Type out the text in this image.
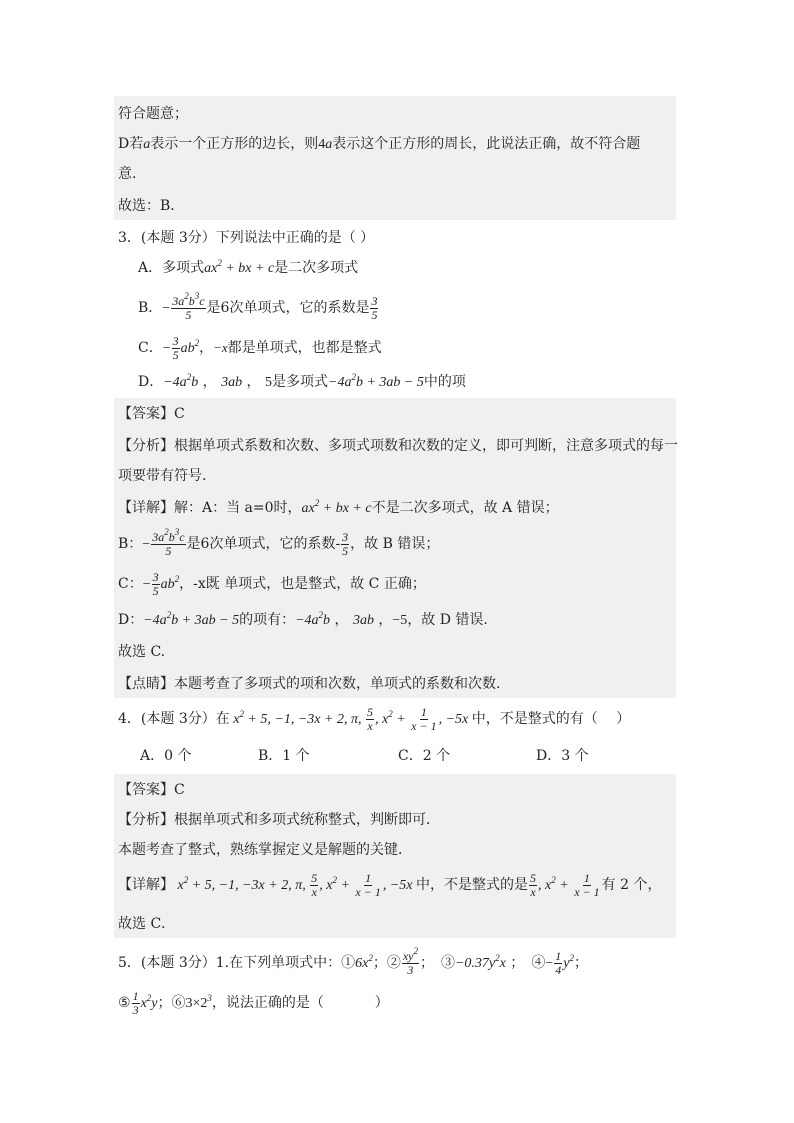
符合题意；
D若a表示一个正方形的边长，则4a表示这个正方形的周长，此说法正确，故不符合题
意．
故选：B．
3．(本题 3分）下列说法中正确的是（ ）
A．多项式$ax^2$ + bx + c是二次多项式
B．− $\frac{3a^2b^3c}{5}$ 是6次单项式，它的系数是 $\frac{3}{5}$
C．− $\frac{3}{5} ab^2$，−x都是单项式，也都是整式
D．$-4a^2b$ ， 3ab ， 5是多项式$-4a^2b + 3ab - 5$中的项
【答案】C
【分析】根据单项式系数和次数、多项式项数和次数的定义，即可判断，注意多项式的每一
项要带有符号.
【详解】解：A：当 a=0时，$ax^2$ + bx + c不是二次多项式，故 A 错误；
B：− $\frac{3a^2b^3c}{5}$ 是6次单项式，它的系数- $\frac{3}{5}$ ，故 B 错误；
C：− $\frac{3}{5} ab^2$，-x既 单项式，也是整式，故 C 正确；
D：$-4a^2b + 3ab - 5$的项有：$-4a^2b$ ， 3ab ，−5，故 D 错误.
故选 C.
【点睛】本题考查了多项式的项和次数，单项式的系数和次数.
4．(本题 3分）在 $x^2 + 5$, −1, −3x + 2, π, $\frac{5}{x}$ , $x^2 + \frac{1}{x - 1}$ , −5x 中，不是整式的有（　 ）
A．0 个	B．1 个	C．2 个	D．3 个
【答案】C
【分析】根据单项式和多项式统称整式，判断即可．
本题考查了整式，熟练掌握定义是解题的关键．
【详解】 $x^2 + 5$, −1, −3x + 2, π, $\frac{5}{x}$ , $x^2 + \frac{1}{x - 1}$ , −5x 中，不是整式的是 $\frac{5}{x}$ , $x^2 + \frac{1}{x - 1}$ 有 2 个，
故选 C．
5．(本题 3分）1.在下列单项式中：$①6x^2$；② $\frac{xy^2}{3}$ ；　$③-0.37y^2x$ ；　④− $\frac{1}{4} y^2$；
⑤ $\frac{1}{3} x^2y$；$⑥3\times 2^3$，说法正确的是（　 　 　）
